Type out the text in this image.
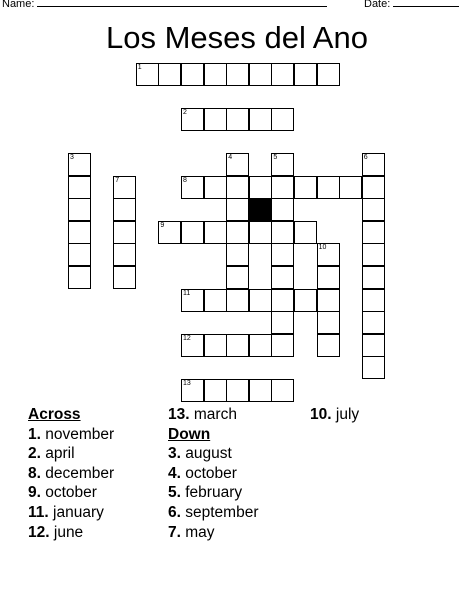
Name:	Date:
Los Meses del Ano
1
2
3	4	5	6
7	8
9
10
11
12
13
Across
1. november
2. april
8. december
9. october
11. january
12. june
13. march
Down
3. august
4. october
5. february
6. september
7. may
10. july
